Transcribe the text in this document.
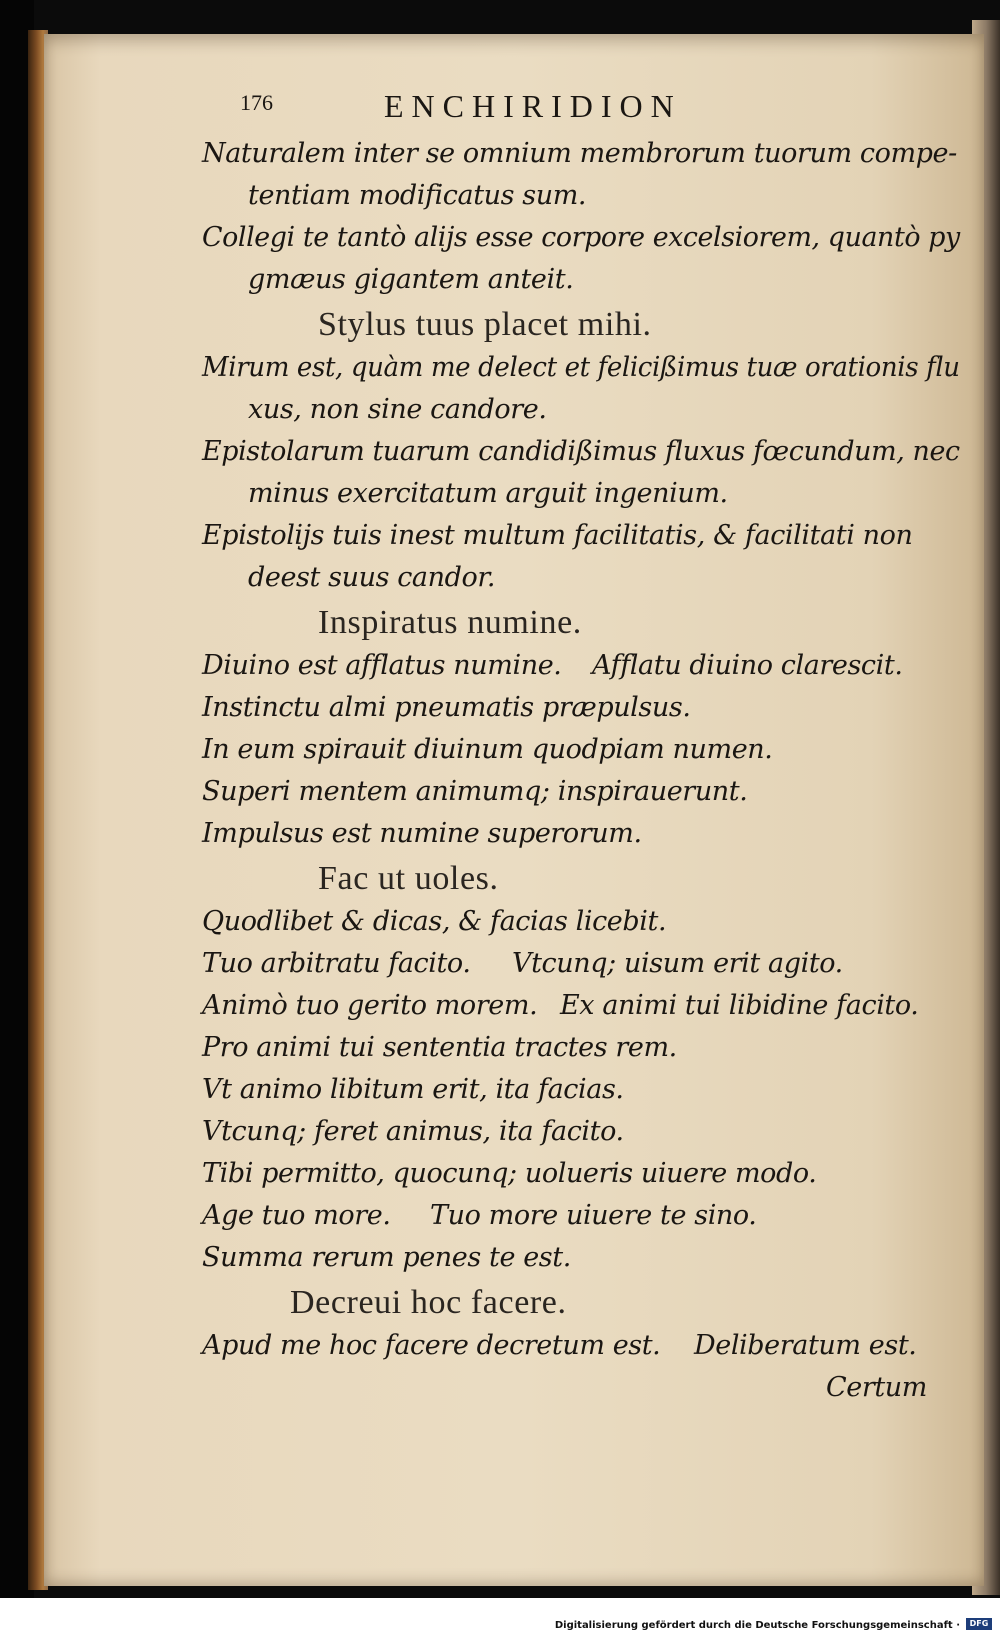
176	ENCHIRIDION
Naturalem inter se omnium membrorum tuorum compe-
tentiam modificatus sum.
Collegi te tantò alijs esse corpore excelsiorem, quantò py
gmæus gigantem anteit.
Stylus tuus placet mihi.
Mirum est, quàm me delect et felicißimus tuæ orationis flu
xus, non sine candore.
Epistolarum tuarum candidißimus fluxus fœcundum, nec
minus exercitatum arguit ingenium.
Epistolijs tuis inest multum facilitatis, & facilitati non
deest suus candor.
Inspiratus numine.
Diuino est afflatus numine. Afflatu diuino clarescit.
Instinctu almi pneumatis præpulsus.
In eum spirauit diuinum quodpiam numen.
Superi mentem animumq; inspirauerunt.
Impulsus est numine superorum.
Fac ut uoles.
Quodlibet & dicas, & facias licebit.
Tuo arbitratu facito. Vtcunq; uisum erit agito.
Animò tuo gerito morem. Ex animi tui libidine facito.
Pro animi tui sententia tractes rem.
Vt animo libitum erit, ita facias.
Vtcunq; feret animus, ita facito.
Tibi permitto, quocunq; uolueris uiuere modo.
Age tuo more. Tuo more uiuere te sino.
Summa rerum penes te est.
Decreui hoc facere.
Apud me hoc facere decretum est. Deliberatum est.
Certum
Digitalisierung gefördert durch die Deutsche Forschungsgemeinschaft ·	DFG
